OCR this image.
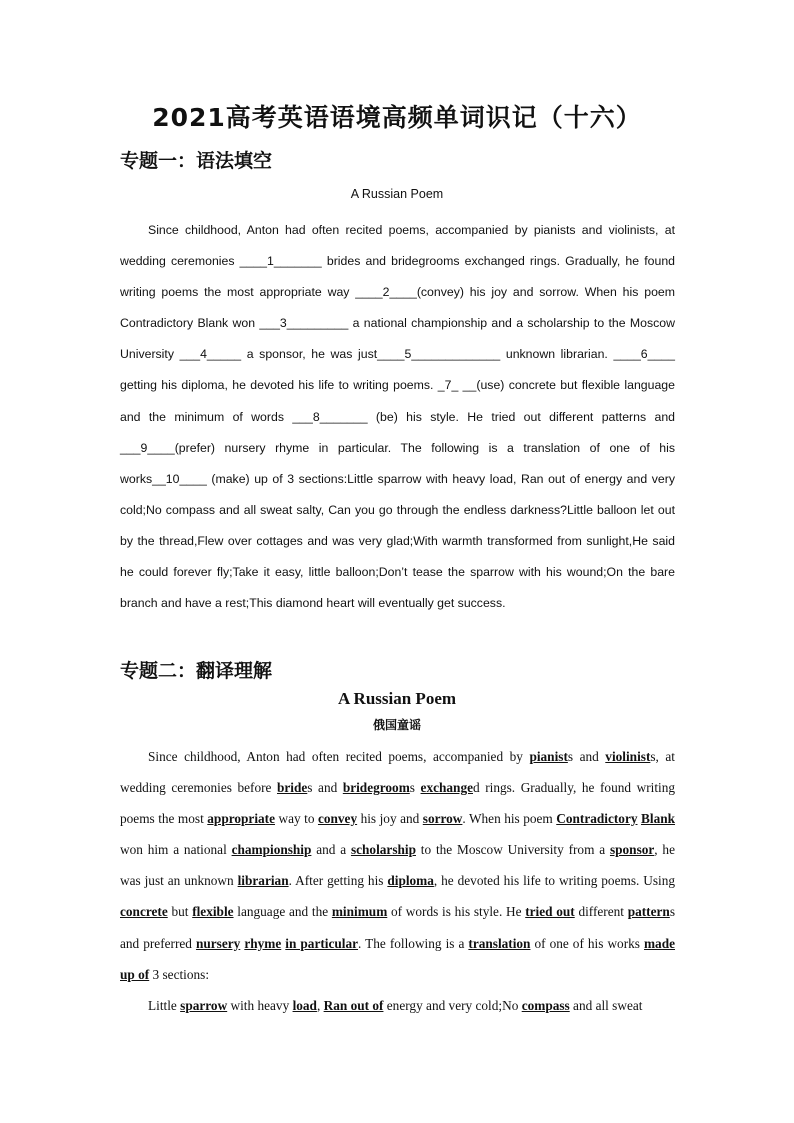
2021高考英语语境高频单词识记（十六）
专题一：语法填空
A Russian Poem
Since childhood, Anton had often recited poems, accompanied by pianists and violinists, at wedding ceremonies ____1_______ brides and bridegrooms exchanged rings. Gradually, he found writing poems the most appropriate way ____2____(convey) his joy and sorrow. When his poem Contradictory Blank won ___3_________ a national championship and a scholarship to the Moscow University ___4_____ a sponsor, he was just____5_____________ unknown librarian. ____6____ getting his diploma, he devoted his life to writing poems. _7_ __(use) concrete but flexible language and the minimum of words ___8_______ (be) his style. He tried out different patterns and ___9____(prefer) nursery rhyme in particular. The following is a translation of one of his works__10____ (make) up of 3 sections:Little sparrow with heavy load, Ran out of energy and very cold;No compass and all sweat salty, Can you go through the endless darkness?Little balloon let out by the thread,Flew over cottages and was very glad;With warmth transformed from sunlight,He said he could forever fly;Take it easy, little balloon;Don’t tease the sparrow with his wound;On the bare branch and have a rest;This diamond heart will eventually get success.
专题二：翻译理解
A Russian Poem
俄国童谣
Since childhood, Anton had often recited poems, accompanied by pianists and violinists, at wedding ceremonies before brides and bridegrooms exchanged rings. Gradually, he found writing poems the most appropriate way to convey his joy and sorrow. When his poem Contradictory Blank won him a national championship and a scholarship to the Moscow University from a sponsor, he was just an unknown librarian. After getting his diploma, he devoted his life to writing poems. Using concrete but flexible language and the minimum of words is his style. He tried out different patterns and preferred nursery rhyme in particular. The following is a translation of one of his works made up of 3 sections:
Little sparrow with heavy load, Ran out of energy and very cold;No compass and all sweat
